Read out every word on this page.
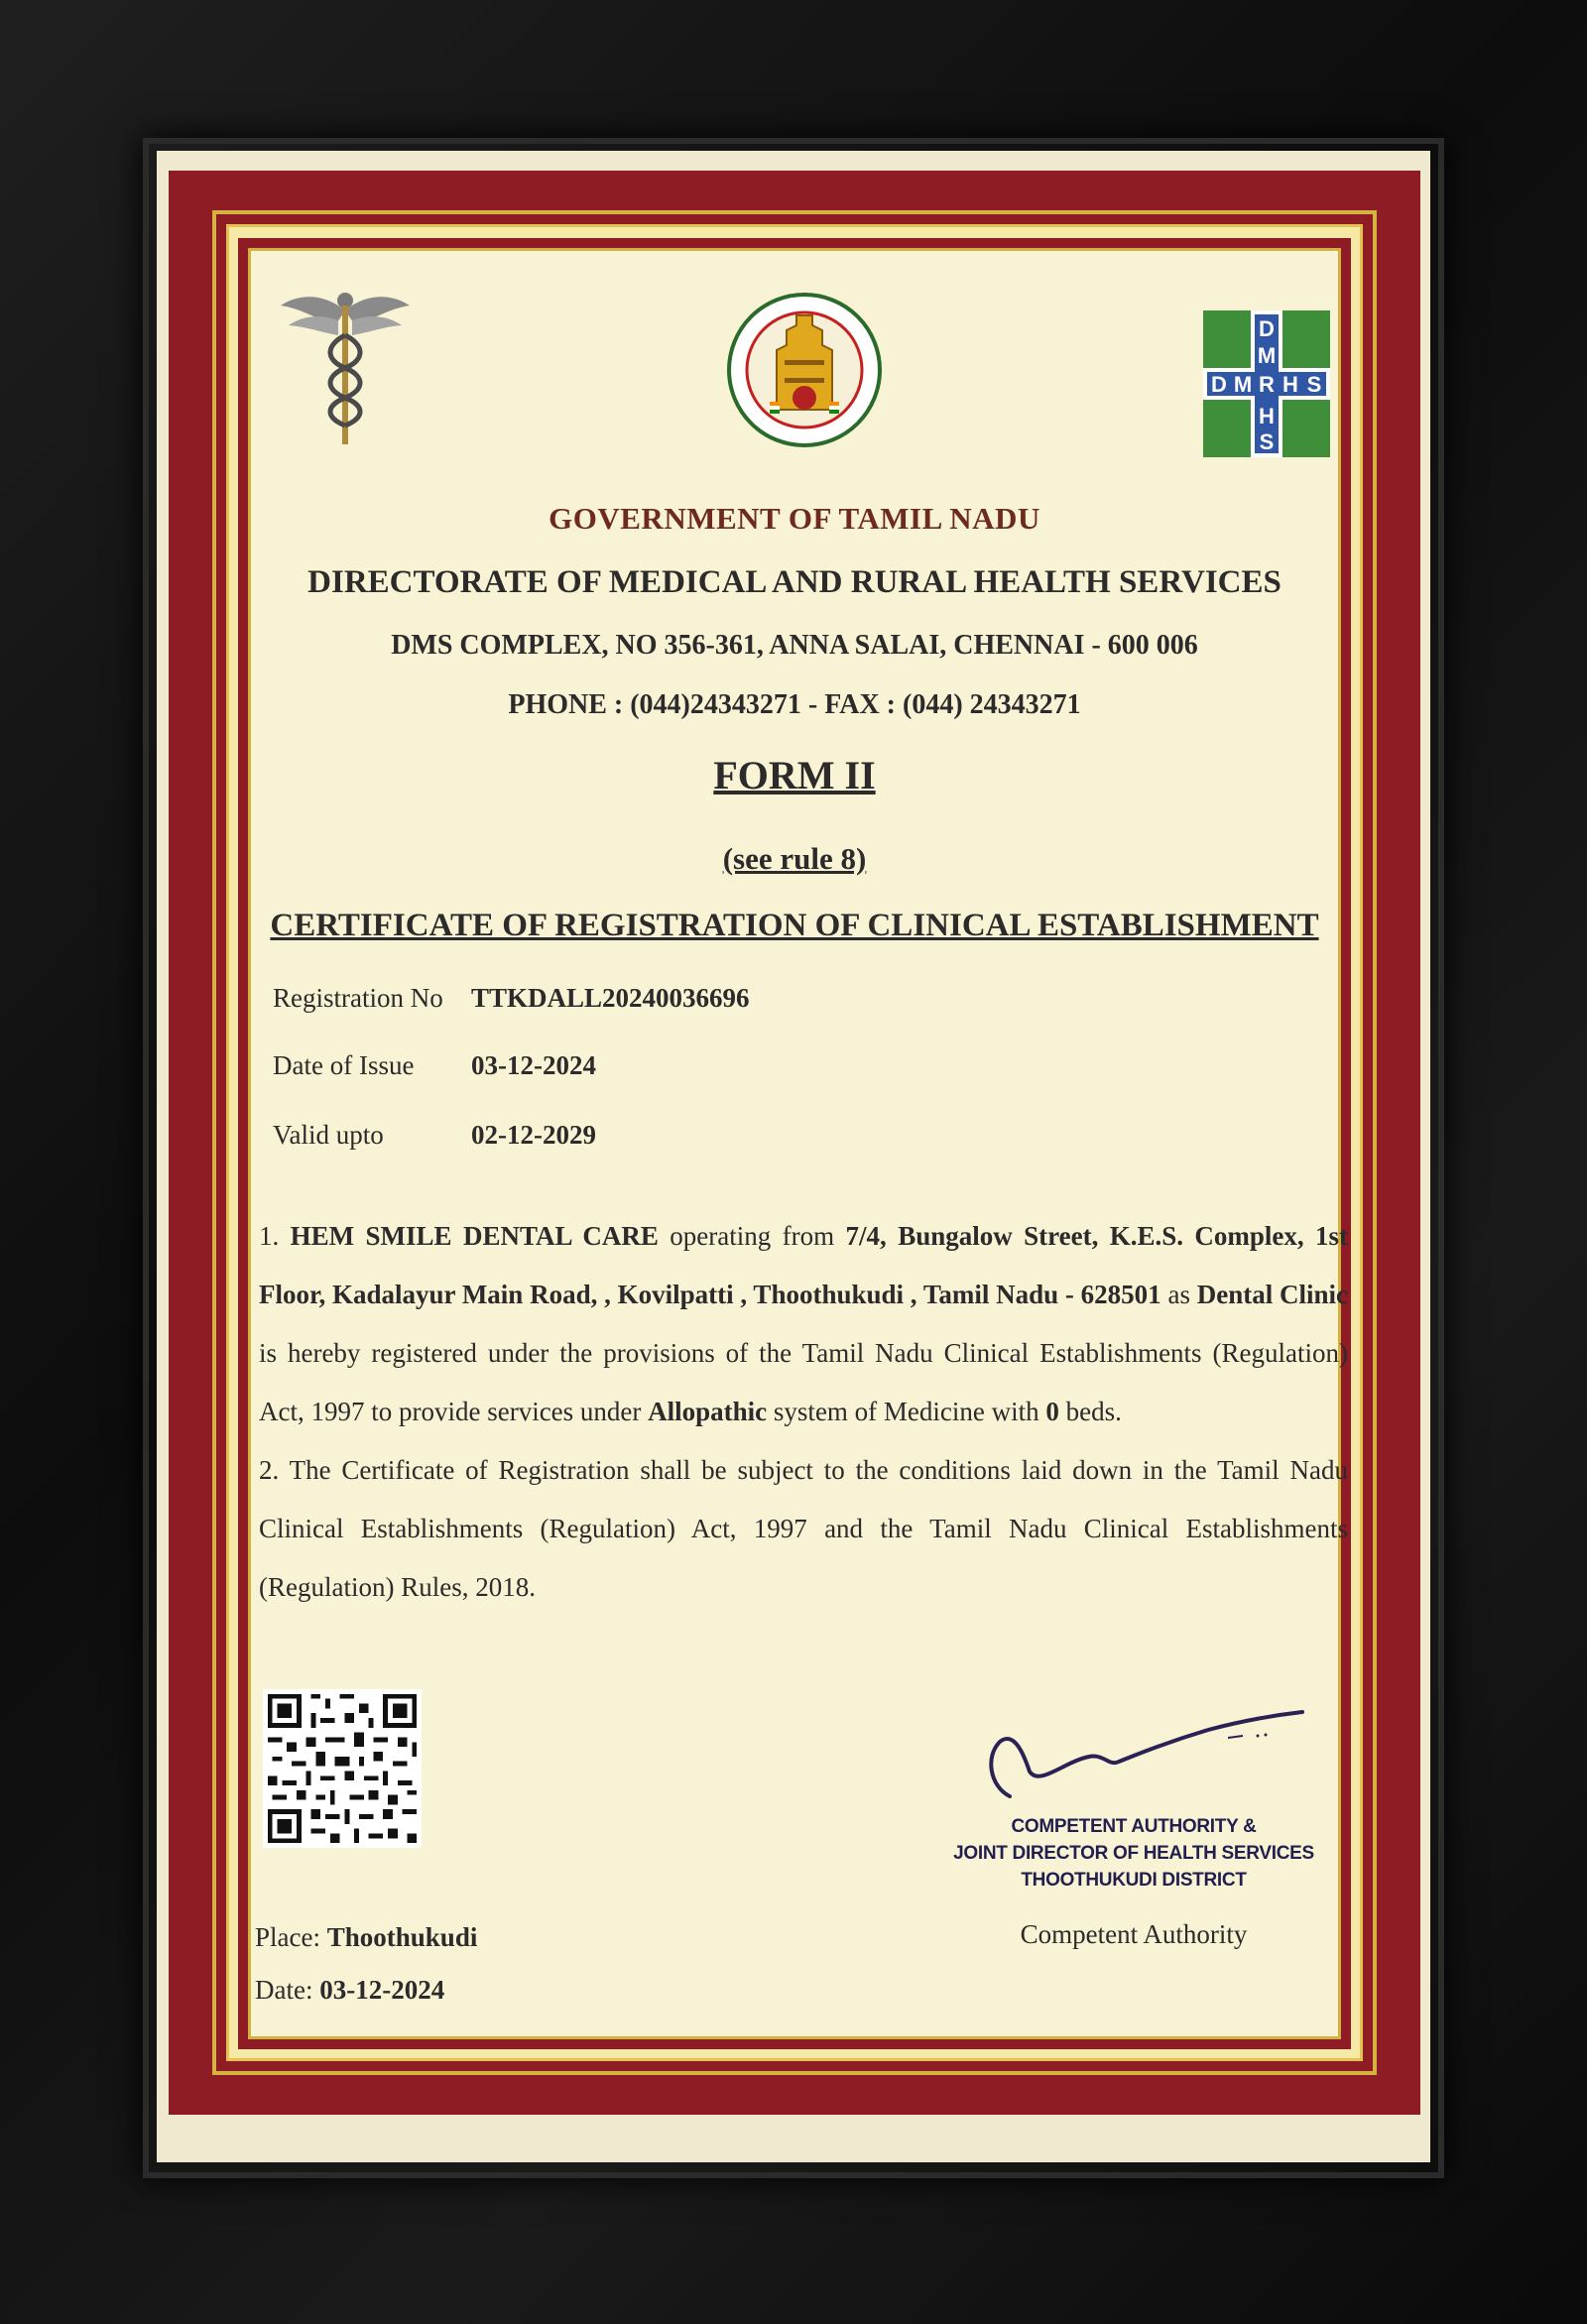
D
M
D M R H S
H
S
GOVERNMENT OF TAMIL NADU
DIRECTORATE OF MEDICAL AND RURAL HEALTH SERVICES
DMS COMPLEX, NO 356-361, ANNA SALAI, CHENNAI - 600 006
PHONE : (044)24343271 - FAX : (044) 24343271
FORM II
(see rule 8)
CERTIFICATE OF REGISTRATION OF CLINICAL ESTABLISHMENT
Registration No TTKDALL20240036696
Date of Issue 03-12-2024
Valid upto	02-12-2029

1. HEM SMILE DENTAL CARE operating from 7/4, Bungalow Street, K.E.S. Complex, 1st Floor, Kadalayur Main Road, , Kovilpatti , Thoothukudi , Tamil Nadu - 628501 as Dental Clinic is hereby registered under the provisions of the Tamil Nadu Clinical Establishments (Regulation) Act, 1997 to provide services under Allopathic system of Medicine with 0 beds.

2. The Certificate of Registration shall be subject to the conditions laid down in the Tamil Nadu Clinical Establishments (Regulation) Act, 1997 and the Tamil Nadu Clinical Establishments (Regulation) Rules, 2018.

Place: Thoothukudi
Date: 03-12-2024
COMPETENT AUTHORITY &
JOINT DIRECTOR OF HEALTH SERVICES
THOOTHUKUDI DISTRICT
Competent Authority
